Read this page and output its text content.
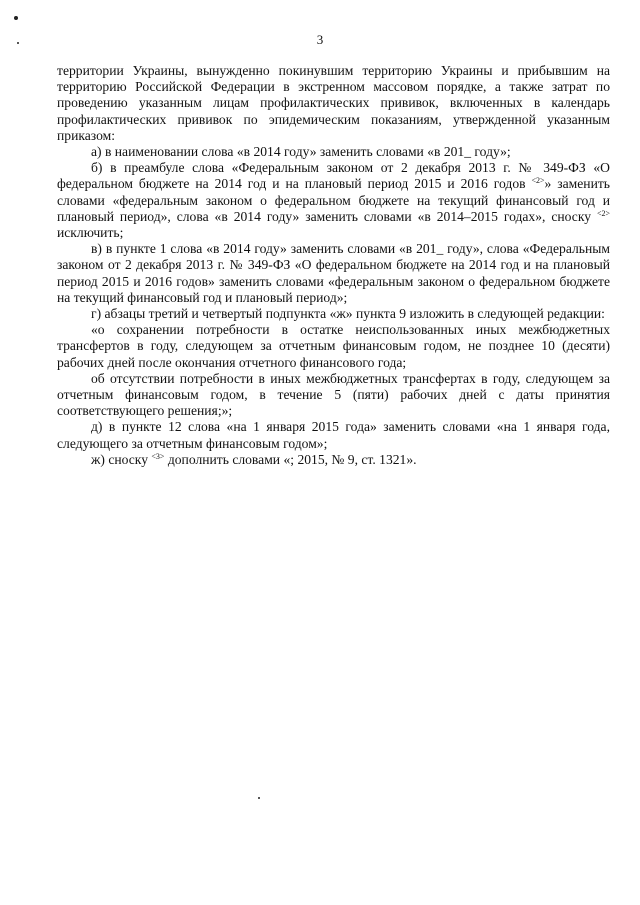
3

территории Украины, вынужденно покинувшим территорию Украины и прибывшим на территорию Российской Федерации в экстренном массовом порядке, а также затрат по проведению указанным лицам профилактических прививок, включенных в календарь профилактических прививок по эпидемическим показаниям, утвержденной указанным приказом:

а) в наименовании слова «в 2014 году» заменить словами «в 201_ году»;

б) в преамбуле слова «Федеральным законом от 2 декабря 2013 г. № 349-ФЗ «О федеральном бюджете на 2014 год и на плановый период 2015 и 2016 годов $^{<2>}$» заменить словами «федеральным законом о федеральном бюджете на текущий финансовый год и плановый период», слова «в 2014 году» заменить словами «в 2014–2015 годах», сноску $^{<2>}$ исключить;

в) в пункте 1 слова «в 2014 году» заменить словами «в 201_ году», слова «Федеральным законом от 2 декабря 2013 г. № 349-ФЗ «О федеральном бюджете на 2014 год и на плановый период 2015 и 2016 годов» заменить словами «федеральным законом о федеральном бюджете на текущий финансовый год и плановый период»;

г) абзацы третий и четвертый подпункта «ж» пункта 9 изложить в следующей редакции:

«о сохранении потребности в остатке неиспользованных иных межбюджетных трансфертов в году, следующем за отчетным финансовым годом, не позднее 10 (десяти) рабочих дней после окончания отчетного финансового года;

об отсутствии потребности в иных межбюджетных трансфертах в году, следующем за отчетным финансовым годом, в течение 5 (пяти) рабочих дней с даты принятия соответствующего решения;»;

д) в пункте 12 слова «на 1 января 2015 года» заменить словами «на 1 января года, следующего за отчетным финансовым годом»;

ж) сноску $^{<3>}$ дополнить словами «; 2015, № 9, ст. 1321».
